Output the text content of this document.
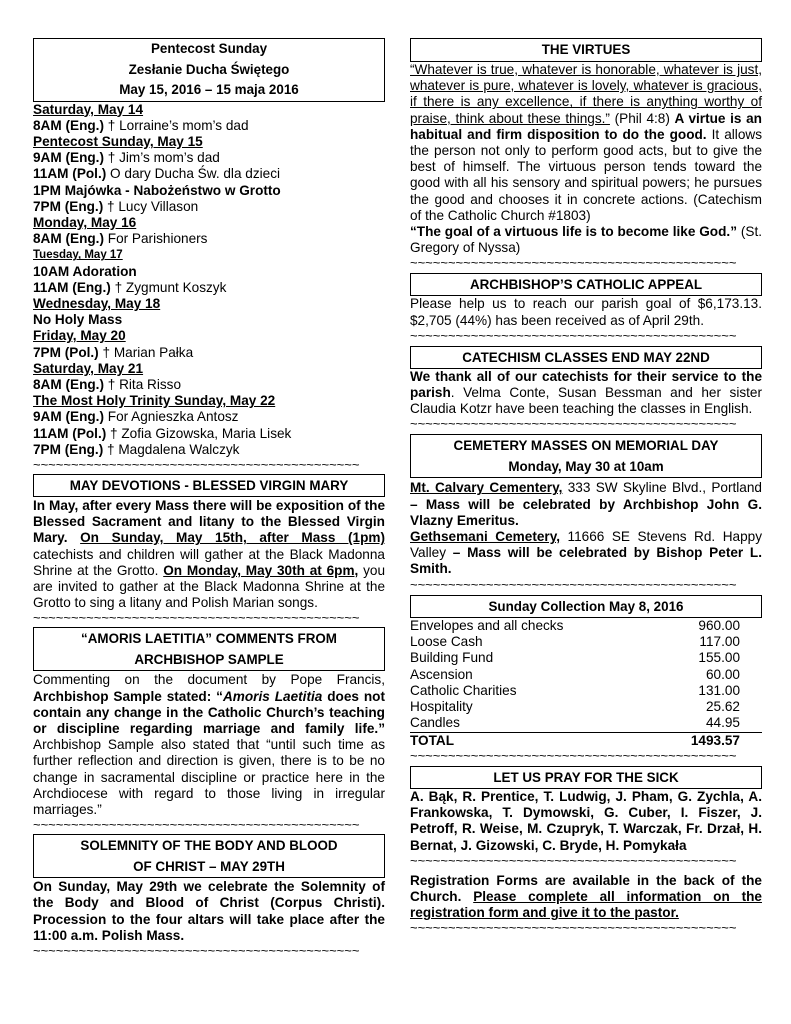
Pentecost Sunday
Zesłanie Ducha Świętego
May 15, 2016 – 15 maja 2016
Saturday, May 14
8AM (Eng.) † Lorraine’s mom’s dad
Pentecost Sunday, May 15
9AM (Eng.) † Jim’s mom’s dad
11AM (Pol.) O dary Ducha Św. dla dzieci
1PM Majówka - Nabożeństwo w Grotto
7PM (Eng.) † Lucy Villason
Monday, May 16
8AM (Eng.) For Parishioners
Tuesday, May 17
10AM Adoration
11AM (Eng.) † Zygmunt Koszyk
Wednesday, May 18
No Holy Mass
Friday, May 20
7PM (Pol.) † Marian Pałka
Saturday, May 21
8AM (Eng.) † Rita Risso
The Most Holy Trinity Sunday, May 22
9AM (Eng.) For Agnieszka Antosz
11AM (Pol.) † Zofia Gizowska, Maria Lisek
7PM (Eng.) † Magdalena Walczyk
~~~~~~~~~~~~~~~~~~~~~~~~~~~~~~~~~~~~~~~~~~~
MAY DEVOTIONS - BLESSED VIRGIN MARY
In May, after every Mass there will be exposition of the Blessed Sacrament and litany to the Blessed Virgin Mary. On Sunday, May 15th, after Mass (1pm) catechists and children will gather at the Black Madonna Shrine at the Grotto. On Monday, May 30th at 6pm, you are invited to gather at the Black Madonna Shrine at the Grotto to sing a litany and Polish Marian songs.
~~~~~~~~~~~~~~~~~~~~~~~~~~~~~~~~~~~~~~~~~~~
“AMORIS LAETITIA” COMMENTS FROM
ARCHBISHOP SAMPLE
Commenting on the document by Pope Francis, Archbishop Sample stated: “Amoris Laetitia does not contain any change in the Catholic Church’s teaching or discipline regarding marriage and family life.” Archbishop Sample also stated that “until such time as further reflection and direction is given, there is to be no change in sacramental discipline or practice here in the Archdiocese with regard to those living in irregular marriages.”
~~~~~~~~~~~~~~~~~~~~~~~~~~~~~~~~~~~~~~~~~~~
SOLEMNITY OF THE BODY AND BLOOD
OF CHRIST – MAY 29TH
On Sunday, May 29th we celebrate the Solemnity of the Body and Blood of Christ (Corpus Christi). Procession to the four altars will take place after the 11:00 a.m. Polish Mass.
~~~~~~~~~~~~~~~~~~~~~~~~~~~~~~~~~~~~~~~~~~~
THE VIRTUES
“Whatever is true, whatever is honorable, whatever is just, whatever is pure, whatever is lovely, whatever is gracious, if there is any excellence, if there is anything worthy of praise, think about these things.” (Phil 4:8) A virtue is an habitual and firm disposition to do the good. It allows the person not only to perform good acts, but to give the best of himself. The virtuous person tends toward the good with all his sensory and spiritual powers; he pursues the good and chooses it in concrete actions. (Catechism of the Catholic Church #1803)
“The goal of a virtuous life is to become like God.” (St. Gregory of Nyssa)
~~~~~~~~~~~~~~~~~~~~~~~~~~~~~~~~~~~~~~~~~~~
ARCHBISHOP’S CATHOLIC APPEAL
Please help us to reach our parish goal of $6,173.13. $2,705 (44%) has been received as of April 29th.
~~~~~~~~~~~~~~~~~~~~~~~~~~~~~~~~~~~~~~~~~~~
CATECHISM CLASSES END MAY 22ND
We thank all of our catechists for their service to the parish. Velma Conte, Susan Bessman and her sister Claudia Kotzr have been teaching the classes in English.
~~~~~~~~~~~~~~~~~~~~~~~~~~~~~~~~~~~~~~~~~~~
CEMETERY MASSES ON MEMORIAL DAY
Monday, May 30 at 10am
Mt. Calvary Cementery, 333 SW Skyline Blvd., Portland – Mass will be celebrated by Archbishop John G. Vlazny Emeritus.
Gethsemani Cemetery, 11666 SE Stevens Rd. Happy Valley – Mass will be celebrated by Bishop Peter L. Smith.
~~~~~~~~~~~~~~~~~~~~~~~~~~~~~~~~~~~~~~~~~~~
Sunday Collection May 8, 2016
Envelopes and all checks	960.00
Loose Cash	117.00
Building Fund	155.00
Ascension	60.00
Catholic Charities	131.00
Hospitality	25.62
Candles	44.95
TOTAL	1493.57
~~~~~~~~~~~~~~~~~~~~~~~~~~~~~~~~~~~~~~~~~~~
LET US PRAY FOR THE SICK
A. Bąk, R. Prentice, T. Ludwig, J. Pham, G. Zychla, A. Frankowska, T. Dymowski, G. Cuber, I. Fiszer, J. Petroff, R. Weise, M. Czupryk, T. Warczak, Fr. Drzał, H. Bernat, J. Gizowski, C. Bryde, H. Pomykała
~~~~~~~~~~~~~~~~~~~~~~~~~~~~~~~~~~~~~~~~~~~
Registration Forms are available in the back of the Church. Please complete all information on the registration form and give it to the pastor.
~~~~~~~~~~~~~~~~~~~~~~~~~~~~~~~~~~~~~~~~~~~
